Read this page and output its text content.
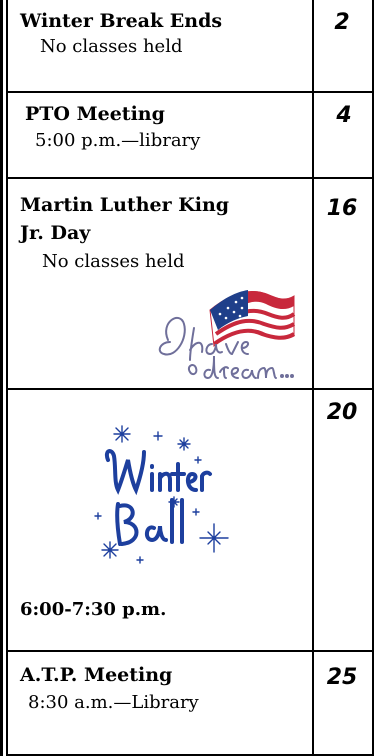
Winter Break Ends
No classes held
2
PTO Meeting
5:00 p.m.—library
4
Martin Luther King
Jr. Day
No classes held
16
20
6:00-7:30 p.m.
A.T.P. Meeting
8:30 a.m.—Library
25
